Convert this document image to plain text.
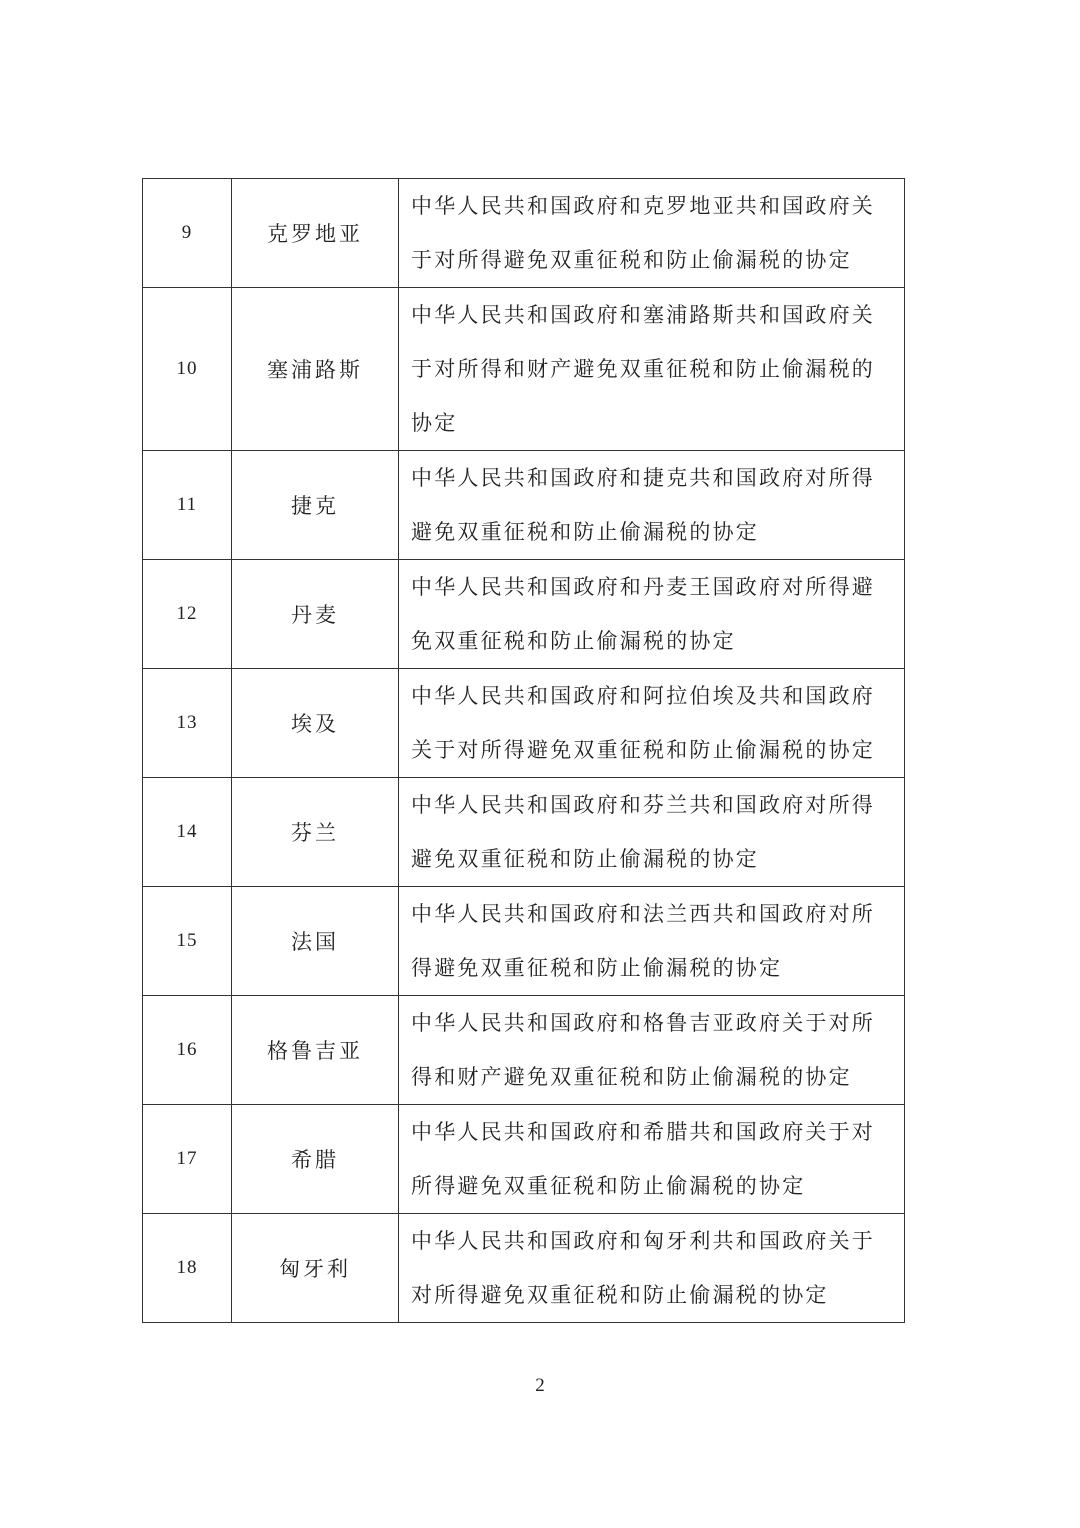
9	克罗地亚	中华人民共和国政府和克罗地亚共和国政府关于对所得避免双重征税和防止偷漏税的协定
10	塞浦路斯	中华人民共和国政府和塞浦路斯共和国政府关于对所得和财产避免双重征税和防止偷漏税的协定
11	捷克	中华人民共和国政府和捷克共和国政府对所得避免双重征税和防止偷漏税的协定
12	丹麦	中华人民共和国政府和丹麦王国政府对所得避免双重征税和防止偷漏税的协定
13	埃及	中华人民共和国政府和阿拉伯埃及共和国政府关于对所得避免双重征税和防止偷漏税的协定
14	芬兰	中华人民共和国政府和芬兰共和国政府对所得避免双重征税和防止偷漏税的协定
15	法国	中华人民共和国政府和法兰西共和国政府对所得避免双重征税和防止偷漏税的协定
16	格鲁吉亚	中华人民共和国政府和格鲁吉亚政府关于对所得和财产避免双重征税和防止偷漏税的协定
17	希腊	中华人民共和国政府和希腊共和国政府关于对所得避免双重征税和防止偷漏税的协定
18	匈牙利	中华人民共和国政府和匈牙利共和国政府关于对所得避免双重征税和防止偷漏税的协定
2
